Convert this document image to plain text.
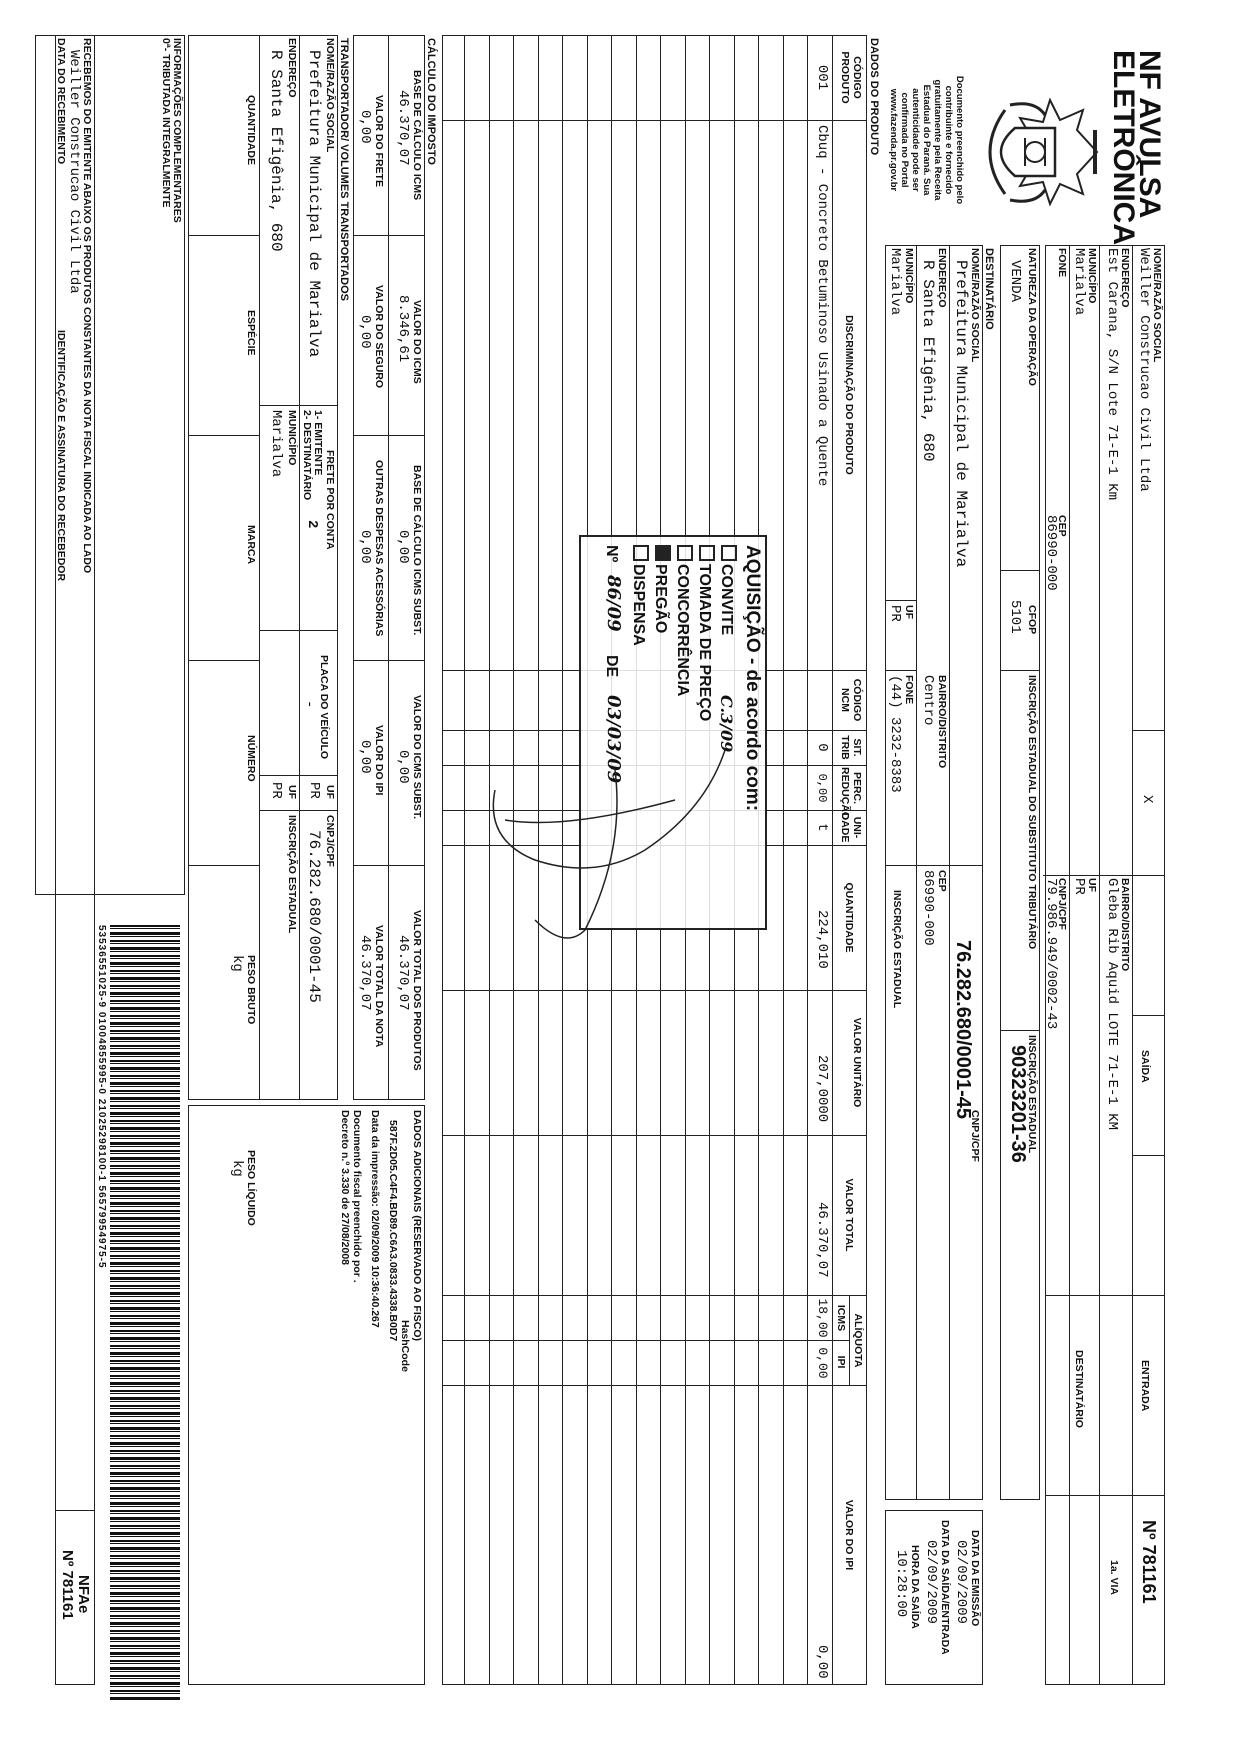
NF AVULSA
ELETRÔNICA
Documento preenchido pelo
contribuinte e fornecido
gratuitamente pela Receita
Estadual do Paraná. Sua
autenticidade pode ser
confirmada no Portal
www.fazenda.pr.gov.br
NOME/RAZÃO SOCIAL
Weiller Construcao Civil Ltda
X
SAÍDA
ENTRADA
Nº 781161
ENDEREÇO
Est Carana, S/N Lote 71-E-1 Km
BAIRRO/DISTRITO
Gleba Rib Aquid LOTE 71-E-1 KM
1a. VIA
MUNICÍPIO
Marialva
UF
PR
DESTINATÁRIO
FONE
CEP
86990-000
CNPJ/CPF
79.986.949/0002-43
NATUREZA DA OPERAÇÃO
VENDA
CFOP
5101
INSCRIÇÃO ESTADUAL DO SUBSTITUTO TRIBUTÁRIO
INSCRIÇÃO ESTADUAL
90323201-36
DESTINATÁRIO
NOME/RAZÃO SOCIAL
Prefeitura Municipal de Marialva
CNPJ/CPF
76.282.680/0001-45
ENDEREÇO
R Santa Efigênia, 680
BAIRRO/DISTRITO
Centro
CEP
86990-000
MUNICÍPIO
Marialva
UF
PR
FONE
(44) 3232-8383
INSCRIÇÃO ESTADUAL
DATA DA EMISSÃO
02/09/2009
DATA DA SAÍDA/ENTRADA
02/09/2009
HORA DA SAÍDA
10:28:00
DADOS DO PRODUTO
CÓDIGO PRODUTO
DISCRIMINAÇÃO DO PRODUTO
CÓDIGO NCM
SIT. TRIB
PERC. REDUÇÃO
UNI- DADE
QUANTIDADE
VALOR UNITÁRIO
VALOR TOTAL
ALÍQUOTA
ICMS
IPI
VALOR DO IPI
001
Cbuq - Concreto Betuminoso Usinado a Quente
0
0,00
t
224,010
207,0000
46.370,07
18,00
0,00
0,00
AQUISIÇÃO - de acordo com:
CONVITE
C.3/09
TOMADA DE PREÇO
CONCORRÊNCIA
PREGÃO
DISPENSA
Nº
86/09
DE
03/03/09
CÁLCULO DO IMPOSTO
BASE DE CÁLCULO ICMS
46.370,07
VALOR DO ICMS
8.346,61
BASE DE CÁLCULO ICMS SUBST.
0,00
VALOR DO ICMS SUBST.
0,00
VALOR TOTAL DOS PRODUTOS
46.370,07
VALOR DO FRETE
0,00
VALOR DO SEGURO
0,00
OUTRAS DESPESAS ACESSÓRIAS
0,00
VALOR DO IPI
0,00
VALOR TOTAL DA NOTA
46.370,07
TRANSPORTADOR/ VOLUMES TRANSPORTADOS
NOME/RAZÃO SOCIAL
Prefeitura Municipal de Marialva
FRETE POR CONTA
1- EMITENTE
2- DESTINATÁRIO
2
PLACA DO VEÍCULO
-
UF
PR
CNPJ/CPF
76.282.680/0001-45
ENDEREÇO
R Santa Efigênia, 680
MUNICÍPIO
Marialva
UF
PR
INSCRIÇÃO ESTADUAL
QUANTIDADE
ESPÉCIE
MARCA
NÚMERO
PESO BRUTO
kg
PESO LÍQUIDO
kg
INFORMAÇÕES COMPLEMENTARES
0ª- TRIBUTADA INTEGRALMENTE
53536551025-9 01004855995-0 21025298100-1 56579954975-5	DADOS ADICIONAIS (RESERVADO AO FISCO)
HashCode
587F.2D05.C4F4.BD89.C6A3.0833.4338.B0D7
Data da impressão: 02/09/2009 10:36:40.267
Documento fiscal preenchido por .
Decreto n.º 3.330 de 27/08/2008
RECEBEMOS DO EMITENTE ABAIXO OS PRODUTOS CONSTANTES DA NOTA FISCAL INDICADA AO LADO
Weiller Construcao Civil Ltda
DATA DO RECEBIMENTO
IDENTIFICAÇÃO E ASSINATURA DO RECEBEDOR
NFAe
Nº 781161
